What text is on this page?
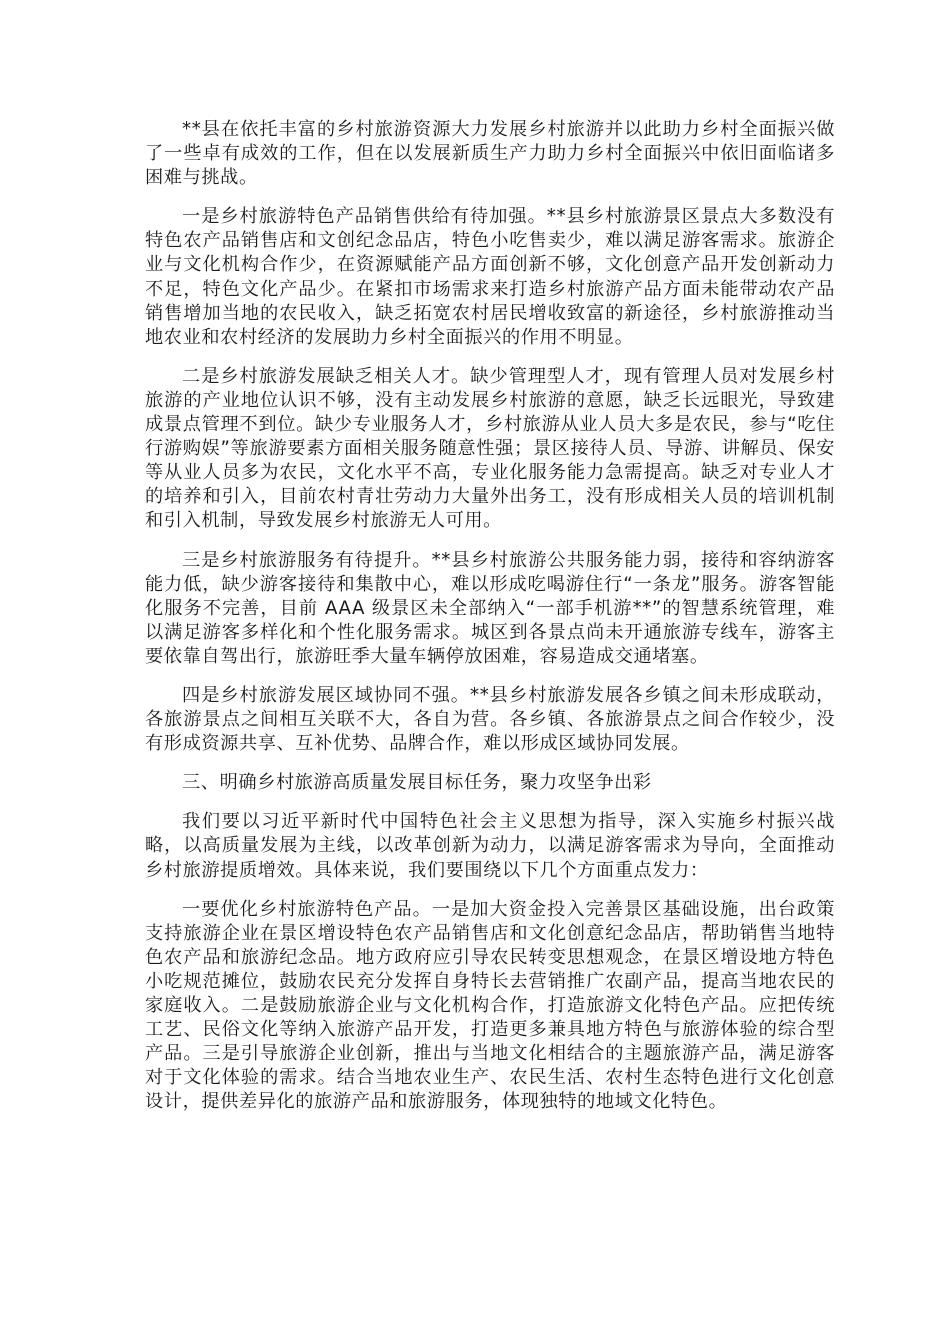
**县在依托丰富的乡村旅游资源大力发展乡村旅游并以此助力乡村全面振兴做了一些卓有成效的工作，但在以发展新质生产力助力乡村全面振兴中依旧面临诸多困难与挑战。

一是乡村旅游特色产品销售供给有待加强。**县乡村旅游景区景点大多数没有特色农产品销售店和文创纪念品店，特色小吃售卖少，难以满足游客需求。旅游企业与文化机构合作少，在资源赋能产品方面创新不够，文化创意产品开发创新动力不足，特色文化产品少。在紧扣市场需求来打造乡村旅游产品方面未能带动农产品销售增加当地的农民收入，缺乏拓宽农村居民增收致富的新途径，乡村旅游推动当地农业和农村经济的发展助力乡村全面振兴的作用不明显。

二是乡村旅游发展缺乏相关人才。缺少管理型人才，现有管理人员对发展乡村旅游的产业地位认识不够，没有主动发展乡村旅游的意愿，缺乏长远眼光，导致建成景点管理不到位。缺少专业服务人才，乡村旅游从业人员大多是农民，参与“吃住行游购娱”等旅游要素方面相关服务随意性强；景区接待人员、导游、讲解员、保安等从业人员多为农民，文化水平不高，专业化服务能力急需提高。缺乏对专业人才的培养和引入，目前农村青壮劳动力大量外出务工，没有形成相关人员的培训机制和引入机制，导致发展乡村旅游无人可用。

三是乡村旅游服务有待提升。**县乡村旅游公共服务能力弱，接待和容纳游客能力低，缺少游客接待和集散中心，难以形成吃喝游住行“一条龙”服务。游客智能化服务不完善，目前 AAA 级景区未全部纳入“一部手机游**”的智慧系统管理，难以满足游客多样化和个性化服务需求。城区到各景点尚未开通旅游专线车，游客主要依靠自驾出行，旅游旺季大量车辆停放困难，容易造成交通堵塞。

四是乡村旅游发展区域协同不强。**县乡村旅游发展各乡镇之间未形成联动，各旅游景点之间相互关联不大，各自为营。各乡镇、各旅游景点之间合作较少，没有形成资源共享、互补优势、品牌合作，难以形成区域协同发展。

三、明确乡村旅游高质量发展目标任务，聚力攻坚争出彩

我们要以习近平新时代中国特色社会主义思想为指导，深入实施乡村振兴战略，以高质量发展为主线，以改革创新为动力，以满足游客需求为导向，全面推动乡村旅游提质增效。具体来说，我们要围绕以下几个方面重点发力：

一要优化乡村旅游特色产品。一是加大资金投入完善景区基础设施，出台政策支持旅游企业在景区增设特色农产品销售店和文化创意纪念品店，帮助销售当地特色农产品和旅游纪念品。地方政府应引导农民转变思想观念，在景区增设地方特色小吃规范摊位，鼓励农民充分发挥自身特长去营销推广农副产品，提高当地农民的家庭收入。二是鼓励旅游企业与文化机构合作，打造旅游文化特色产品。应把传统工艺、民俗文化等纳入旅游产品开发，打造更多兼具地方特色与旅游体验的综合型产品。三是引导旅游企业创新，推出与当地文化相结合的主题旅游产品，满足游客对于文化体验的需求。结合当地农业生产、农民生活、农村生态特色进行文化创意设计，提供差异化的旅游产品和旅游服务，体现独特的地域文化特色。
